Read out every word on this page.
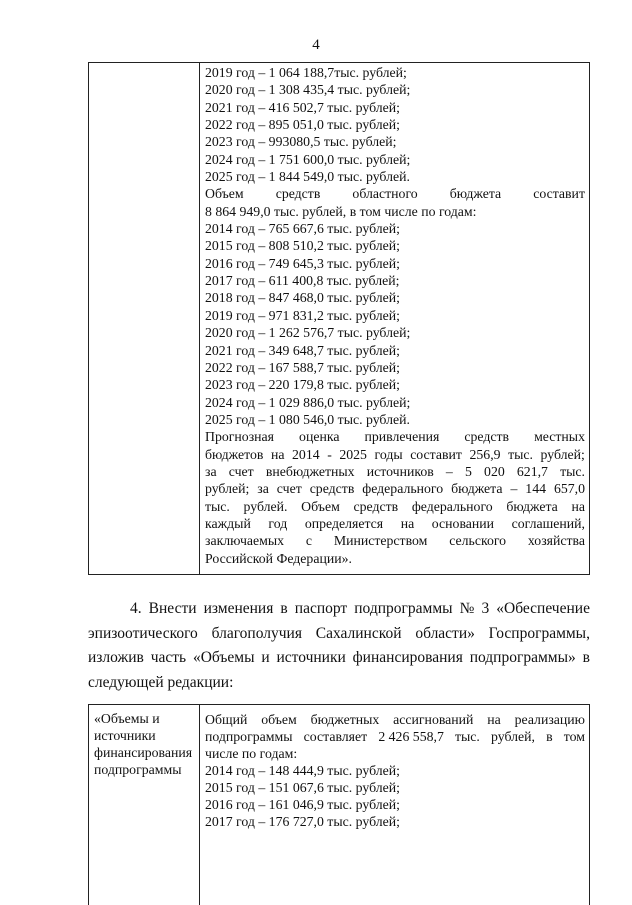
4
2019 год – 1 064 188,7тыс. рублей;
2020 год – 1 308 435,4 тыс. рублей;
2021 год – 416 502,7 тыс. рублей;
2022 год – 895 051,0 тыс. рублей;
2023 год – 993080,5 тыс. рублей;
2024 год – 1 751 600,0 тыс. рублей;
2025 год – 1 844 549,0 тыс. рублей.
Объем средств областного бюджета составит
8 864 949,0 тыс. рублей, в том числе по годам:
2014 год – 765 667,6 тыс. рублей;
2015 год – 808 510,2 тыс. рублей;
2016 год – 749 645,3 тыс. рублей;
2017 год – 611 400,8 тыс. рублей;
2018 год – 847 468,0 тыс. рублей;
2019 год – 971 831,2 тыс. рублей;
2020 год – 1 262 576,7 тыс. рублей;
2021 год – 349 648,7 тыс. рублей;
2022 год – 167 588,7 тыс. рублей;
2023 год – 220 179,8 тыс. рублей;
2024 год – 1 029 886,0 тыс. рублей;
2025 год – 1 080 546,0 тыс. рублей.
Прогнозная оценка привлечения средств местных
бюджетов на 2014 - 2025 годы составит 256,9 тыс. рублей;
за счет внебюджетных источников – 5 020 621,7 тыс.
рублей; за счет средств федерального бюджета – 144 657,0
тыс. рублей. Объем средств федерального бюджета на
каждый год определяется на основании соглашений,
заключаемых с Министерством сельского хозяйства
Российской Федерации».
4. Внести изменения в паспорт подпрограммы № 3 «Обеспечение
эпизоотического благополучия Сахалинской области» Госпрограммы,
изложив часть «Объемы и источники финансирования подпрограммы» в
следующей редакции:
«Объемы и
источники
финансирования
подпрограммы
Общий объем бюджетных ассигнований на реализацию
подпрограммы составляет 2 426 558,7 тыс. рублей, в том
числе по годам:
2014 год – 148 444,9 тыс. рублей;
2015 год – 151 067,6 тыс. рублей;
2016 год – 161 046,9 тыс. рублей;
2017 год – 176 727,0 тыс. рублей;
